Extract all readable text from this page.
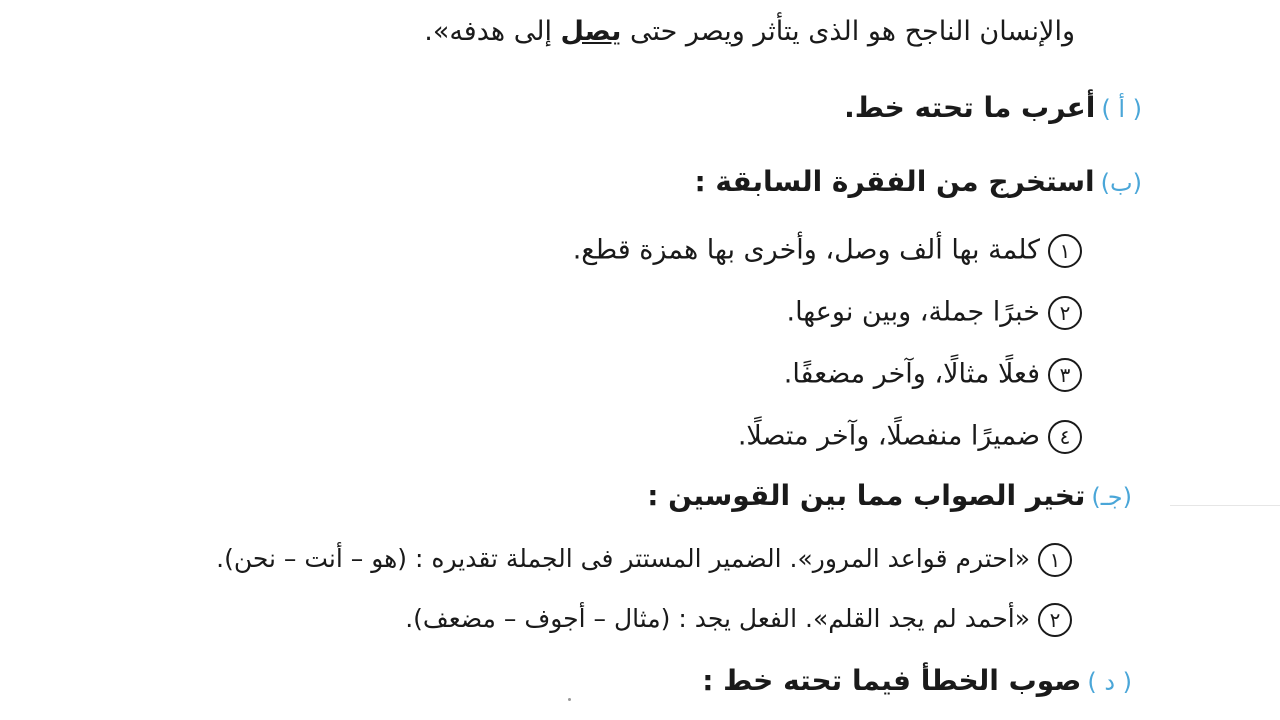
والإنسان الناجح هو الذى يتأثر ويصر حتى يصل إلى هدفه».
( أ )أعرب ما تحته خط.
(ب)استخرج من الفقرة السابقة :
١كلمة بها ألف وصل، وأخرى بها همزة قطع.
٢خبرًا جملة، وبين نوعها.
٣فعلًا مثالًا، وآخر مضعفًا.
٤ضميرًا منفصلًا، وآخر متصلًا.
(جـ)تخير الصواب مما بين القوسين :
١«احترم قواعد المرور». الضمير المستتر فى الجملة تقديره : (هو – أنت – نحن).
٢«أحمد لم يجد القلم». الفعل يجد : (مثال – أجوف – مضعف).
( د )صوب الخطأ فيما تحته خط :
